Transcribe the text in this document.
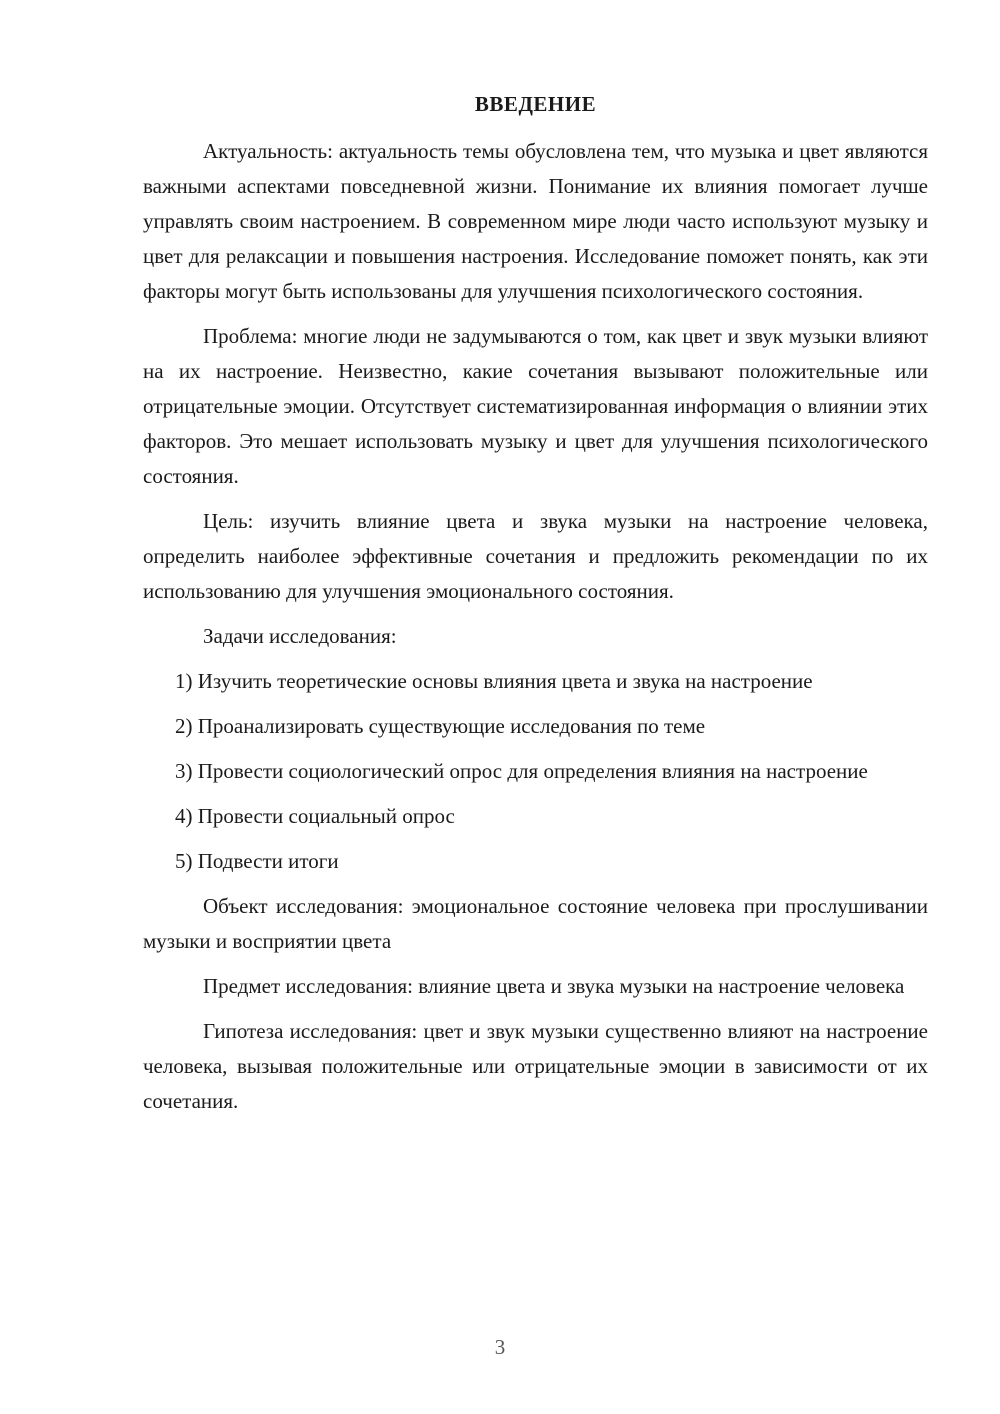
ВВЕДЕНИЕ

Актуальность: актуальность темы обусловлена тем, что музыка и цвет являются важными аспектами повседневной жизни. Понимание их влияния помогает лучше управлять своим настроением. В современном мире люди часто используют музыку и цвет для релаксации и повышения настроения. Исследование поможет понять, как эти факторы могут быть использованы для улучшения психологического состояния.

Проблема: многие люди не задумываются о том, как цвет и звук музыки влияют на их настроение. Неизвестно, какие сочетания вызывают положительные или отрицательные эмоции. Отсутствует систематизированная информация о влиянии этих факторов. Это мешает использовать музыку и цвет для улучшения психологического состояния.

Цель: изучить влияние цвета и звука музыки на настроение человека, определить наиболее эффективные сочетания и предложить рекомендации по их использованию для улучшения эмоционального состояния.

Задачи исследования:

1) Изучить теоретические основы влияния цвета и звука на настроение

2) Проанализировать существующие исследования по теме

3) Провести социологический опрос для определения влияния на настроение

4) Провести социальный опрос

5) Подвести итоги

Объект исследования: эмоциональное состояние человека при прослушивании музыки и восприятии цвета

Предмет исследования: влияние цвета и звука музыки на настроение человека

Гипотеза исследования: цвет и звук музыки существенно влияют на настроение человека, вызывая положительные или отрицательные эмоции в зависимости от их сочетания.

3
